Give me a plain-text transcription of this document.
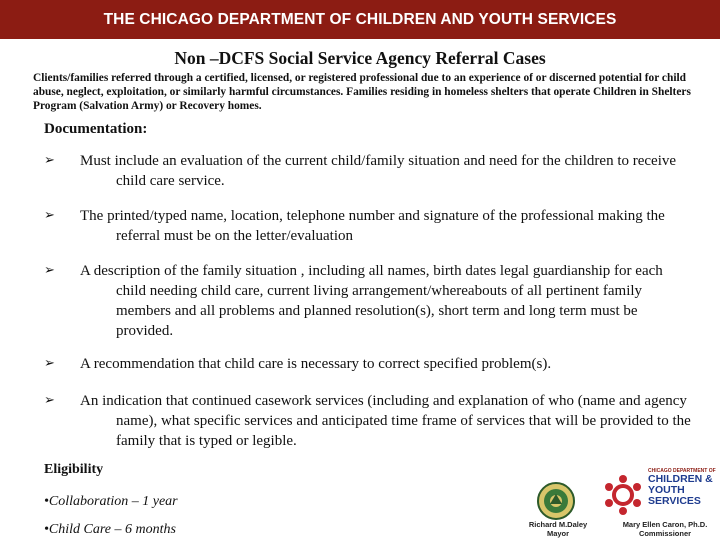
THE CHICAGO DEPARTMENT OF CHILDREN AND YOUTH SERVICES
Non –DCFS Social Service Agency Referral Cases
Clients/families referred through a certified, licensed, or registered professional due to an experience of or discerned potential for child abuse, neglect, exploitation, or similarly harmful circumstances. Families residing in homeless shelters that operate Children in Shelters Program (Salvation Army) or Recovery homes.
Documentation:
➢	Must include an evaluation of the current child/family situation and need for the children to receive child care service.
➢	The printed/typed name, location, telephone number and signature of the professional making the referral must be on the letter/evaluation
➢	A description of the family situation , including all names, birth dates legal guardianship for each child needing child care, current living arrangement/whereabouts of all pertinent family members and all problems and planned resolution(s), short term and long term must be provided.
➢	A recommendation that child care is necessary to correct specified problem(s).
➢	An indication that continued casework services (including and explanation of who (name and agency name), what specific services and anticipated time frame of services that will be provided to the family that is typed or legible.
Eligibility
•Collaboration – 1 year
•Child Care – 6 months	Richard M.Daley
Mayor
CHICAGO DEPARTMENT OF
CHILDREN &
YOUTH SERVICES
Mary Ellen Caron, Ph.D.
Commissioner
